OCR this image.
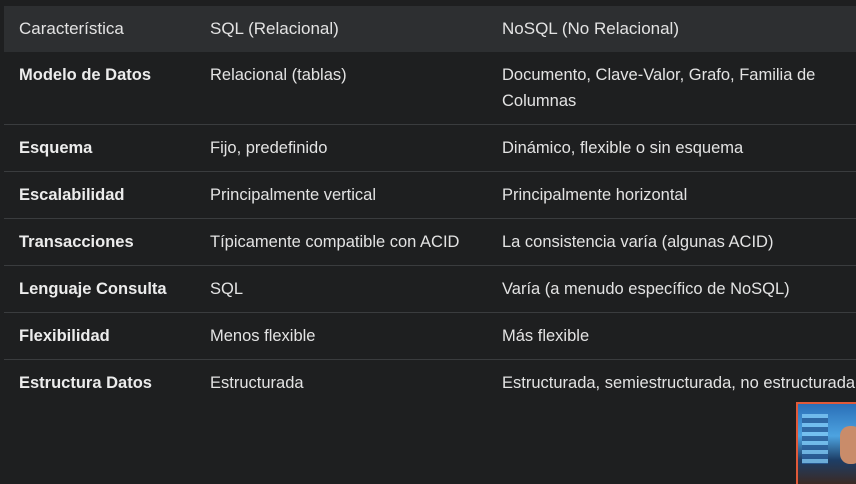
Característica	SQL (Relacional)	NoSQL (No Relacional)
Modelo de Datos	Relacional (tablas)	Documento, Clave-Valor, Grafo, Familia de Columnas
Esquema	Fijo, predefinido	Dinámico, flexible o sin esquema
Escalabilidad	Principalmente vertical	Principalmente horizontal
Transacciones	Típicamente compatible con ACID	La consistencia varía (algunas ACID)
Lenguaje Consulta	SQL	Varía (a menudo específico de NoSQL)
Flexibilidad	Menos flexible	Más flexible
Estructura Datos	Estructurada	Estructurada, semiestructurada, no estructurada
